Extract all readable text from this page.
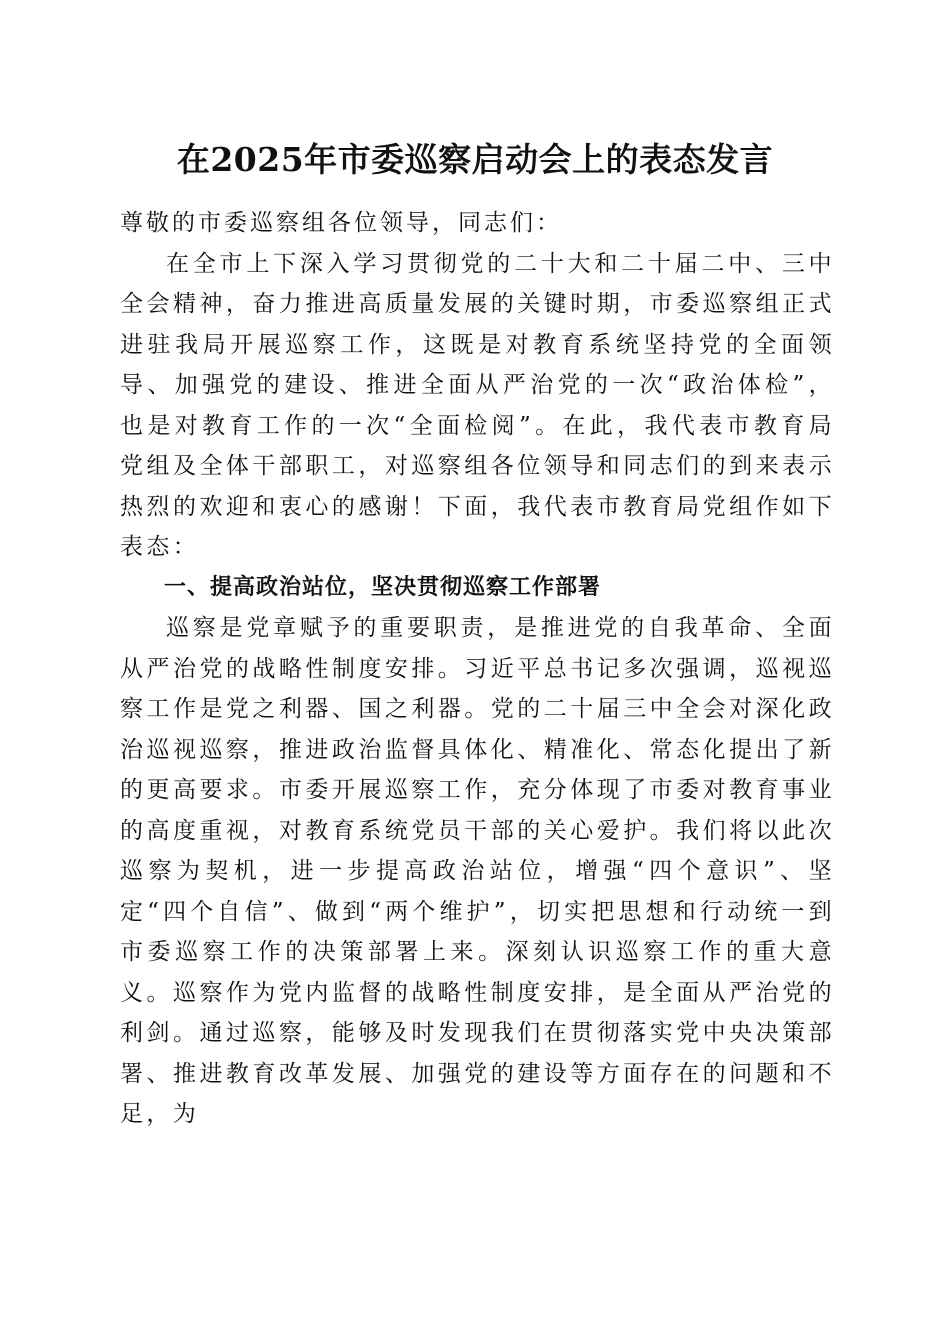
在2025年市委巡察启动会上的表态发言

尊敬的市委巡察组各位领导，同志们：

在全市上下深入学习贯彻党的二十大和二十届二中、三中全会精神，奋力推进高质量发展的关键时期，市委巡察组正式进驻我局开展巡察工作，这既是对教育系统坚持党的全面领导、加强党的建设、推进全面从严治党的一次“政治体检”，也是对教育工作的一次“全面检阅”。在此，我代表市教育局党组及全体干部职工，对巡察组各位领导和同志们的到来表示热烈的欢迎和衷心的感谢！下面，我代表市教育局党组作如下表态：

一、提高政治站位，坚决贯彻巡察工作部署

巡察是党章赋予的重要职责，是推进党的自我革命、全面从严治党的战略性制度安排。习近平总书记多次强调，巡视巡察工作是党之利器、国之利器。党的二十届三中全会对深化政治巡视巡察，推进政治监督具体化、精准化、常态化提出了新的更高要求。市委开展巡察工作，充分体现了市委对教育事业的高度重视，对教育系统党员干部的关心爱护。我们将以此次巡察为契机，进一步提高政治站位，增强“四个意识”、坚定“四个自信”、做到“两个维护”，切实把思想和行动统一到市委巡察工作的决策部署上来。深刻认识巡察工作的重大意义。巡察作为党内监督的战略性制度安排，是全面从严治党的利剑。通过巡察，能够及时发现我们在贯彻落实党中央决策部署、推进教育改革发展、加强党的建设等方面存在的问题和不足，为
